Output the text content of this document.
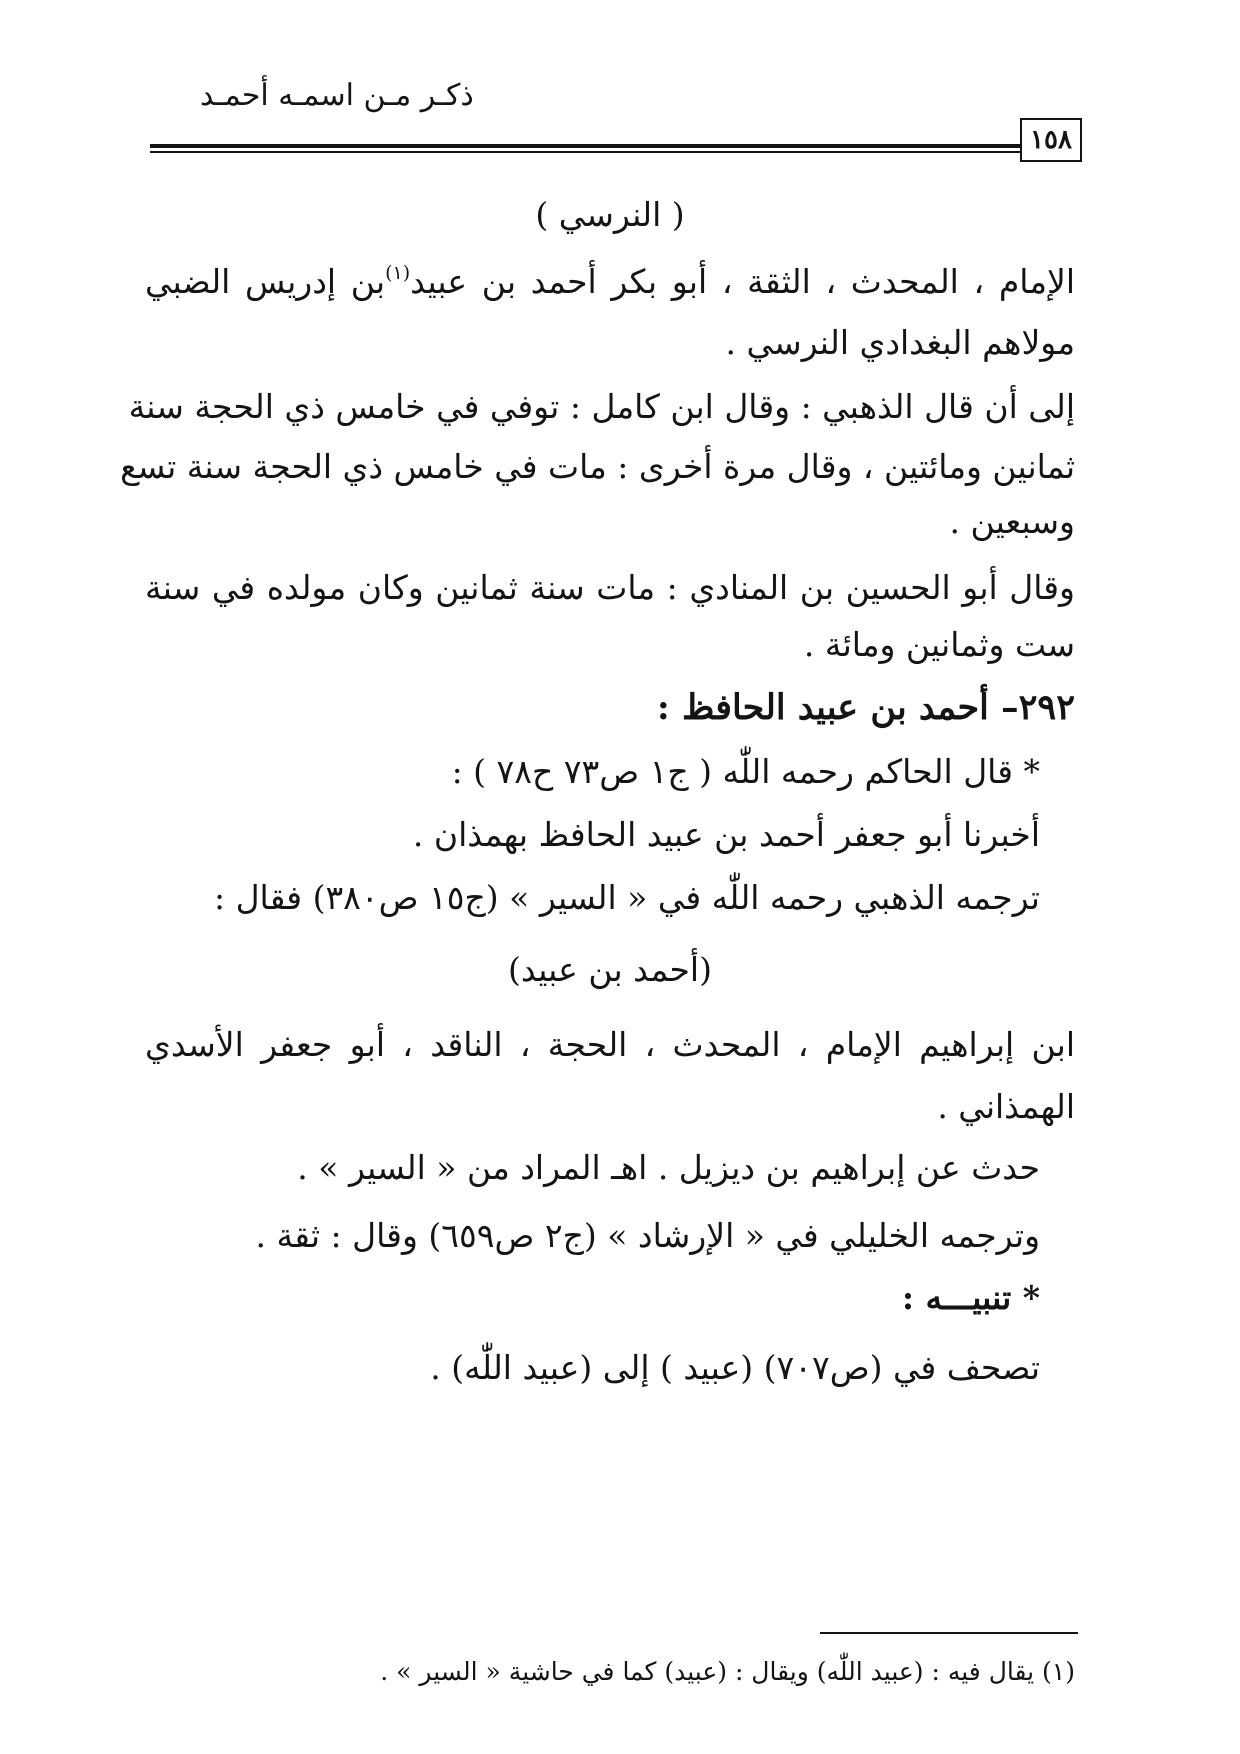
ذكـر مـن اسمـه أحمـد
١٥٨
( النرسي )
الإمام ، المحدث ، الثقة ، أبو بكر أحمد بن عبيد$^{(١)}$بن إدريس الضبي
مولاهم البغدادي النرسي .
إلى أن قال الذهبي : وقال ابن كامل : توفي في خامس ذي الحجة سنة
ثمانين ومائتين ، وقال مرة أخرى : مات في خامس ذي الحجة سنة تسع
وسبعين .
وقال أبو الحسين بن المنادي : مات سنة ثمانين وكان مولده في سنة
ست وثمانين ومائة .
٢٩٢– أحمد بن عبيد الحافظ :
* قال الحاكم رحمه اللّٰه ( ج١ ص٧٣ ح٧٨ ) :
أخبرنا أبو جعفر أحمد بن عبيد الحافظ بهمذان .
ترجمه الذهبي رحمه اللّٰه في « السير » (ج١٥ ص٣٨٠) فقال :
(أحمد بن عبيد)
ابن إبراهيم الإمام ، المحدث ، الحجة ، الناقد ، أبو جعفر الأسدي
الهمذاني .
حدث عن إبراهيم بن ديزيل . اهـ المراد من « السير » .
وترجمه الخليلي في « الإرشاد » (ج٢ ص٦٥٩) وقال : ثقة .
* تنبيـــه :
تصحف في (ص٧٠٧) (عبيد ) إلى (عبيد اللّٰه) .
(١) يقال فيه : (عبيد اللّٰه) ويقال : (عبيد) كما في حاشية « السير » .
